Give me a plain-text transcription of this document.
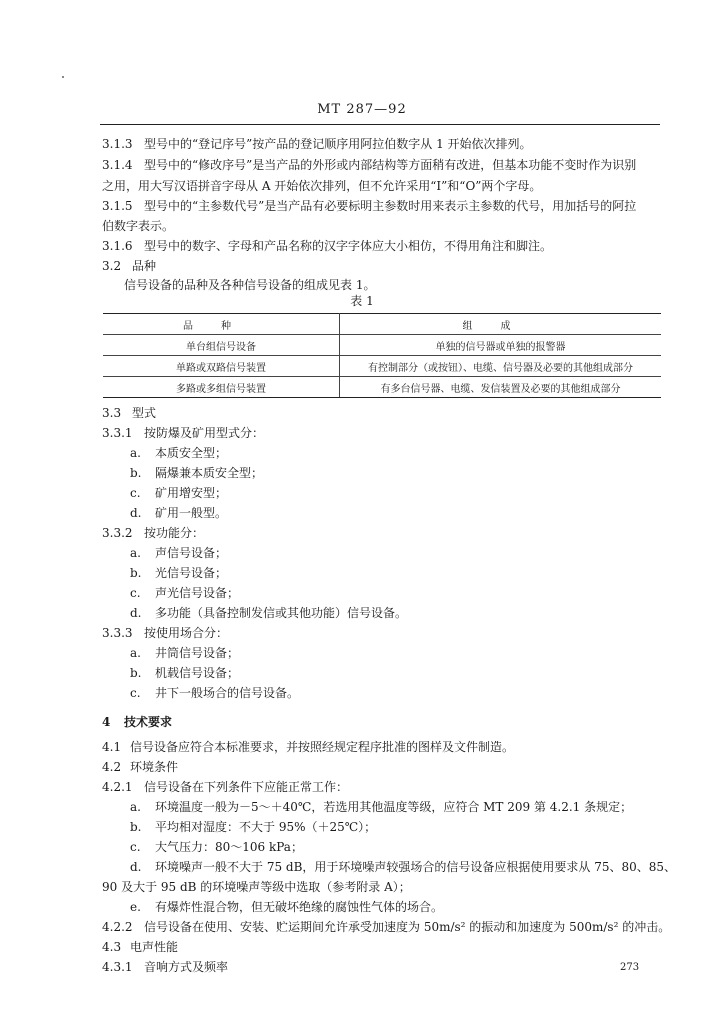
MT 287—92
3.1.3 型号中的“登记序号”按产品的登记顺序用阿拉伯数字从 1 开始依次排列。
3.1.4 型号中的“修改序号”是当产品的外形或内部结构等方面稍有改进，但基本功能不变时作为识别
之用，用大写汉语拼音字母从 A 开始依次排列，但不允许采用“I”和“O”两个字母。
3.1.5 型号中的“主参数代号”是当产品有必要标明主参数时用来表示主参数的代号，用加括号的阿拉
伯数字表示。
3.1.6 型号中的数字、字母和产品名称的汉字字体应大小相仿，不得用角注和脚注。
3.2 品种
信号设备的品种及各种信号设备的组成见表 1。
表 1
品种	组成
单台组信号设备	单独的信号器或单独的报警器
单路或双路信号装置	有控制部分（或按钮）、电缆、信号器及必要的其他组成部分
多路或多组信号装置	有多台信号器、电缆、发信装置及必要的其他组成部分
3.3 型式
3.3.1 按防爆及矿用型式分：
a. 本质安全型；
b. 隔爆兼本质安全型；
c. 矿用增安型；
d. 矿用一般型。
3.3.2 按功能分：
a. 声信号设备；
b. 光信号设备；
c. 声光信号设备；
d. 多功能（具备控制发信或其他功能）信号设备。
3.3.3 按使用场合分：
a. 井筒信号设备；
b. 机载信号设备；
c. 井下一般场合的信号设备。
4 技术要求
4.1 信号设备应符合本标准要求，并按照经规定程序批准的图样及文件制造。
4.2 环境条件
4.2.1 信号设备在下列条件下应能正常工作：
a. 环境温度一般为－5～＋40℃，若选用其他温度等级，应符合 MT 209 第 4.2.1 条规定；
b. 平均相对湿度：不大于 95%（＋25℃）；
c. 大气压力：80～106 kPa；
d. 环境噪声一般不大于 75 dB，用于环境噪声较强场合的信号设备应根据使用要求从 75、80、85、
90 及大于 95 dB 的环境噪声等级中选取（参考附录 A）；
e. 有爆炸性混合物，但无破坏绝缘的腐蚀性气体的场合。
4.2.2 信号设备在使用、安装、贮运期间允许承受加速度为 50m/s² 的振动和加速度为 500m/s² 的冲击。
4.3 电声性能
4.3.1 音响方式及频率	273
